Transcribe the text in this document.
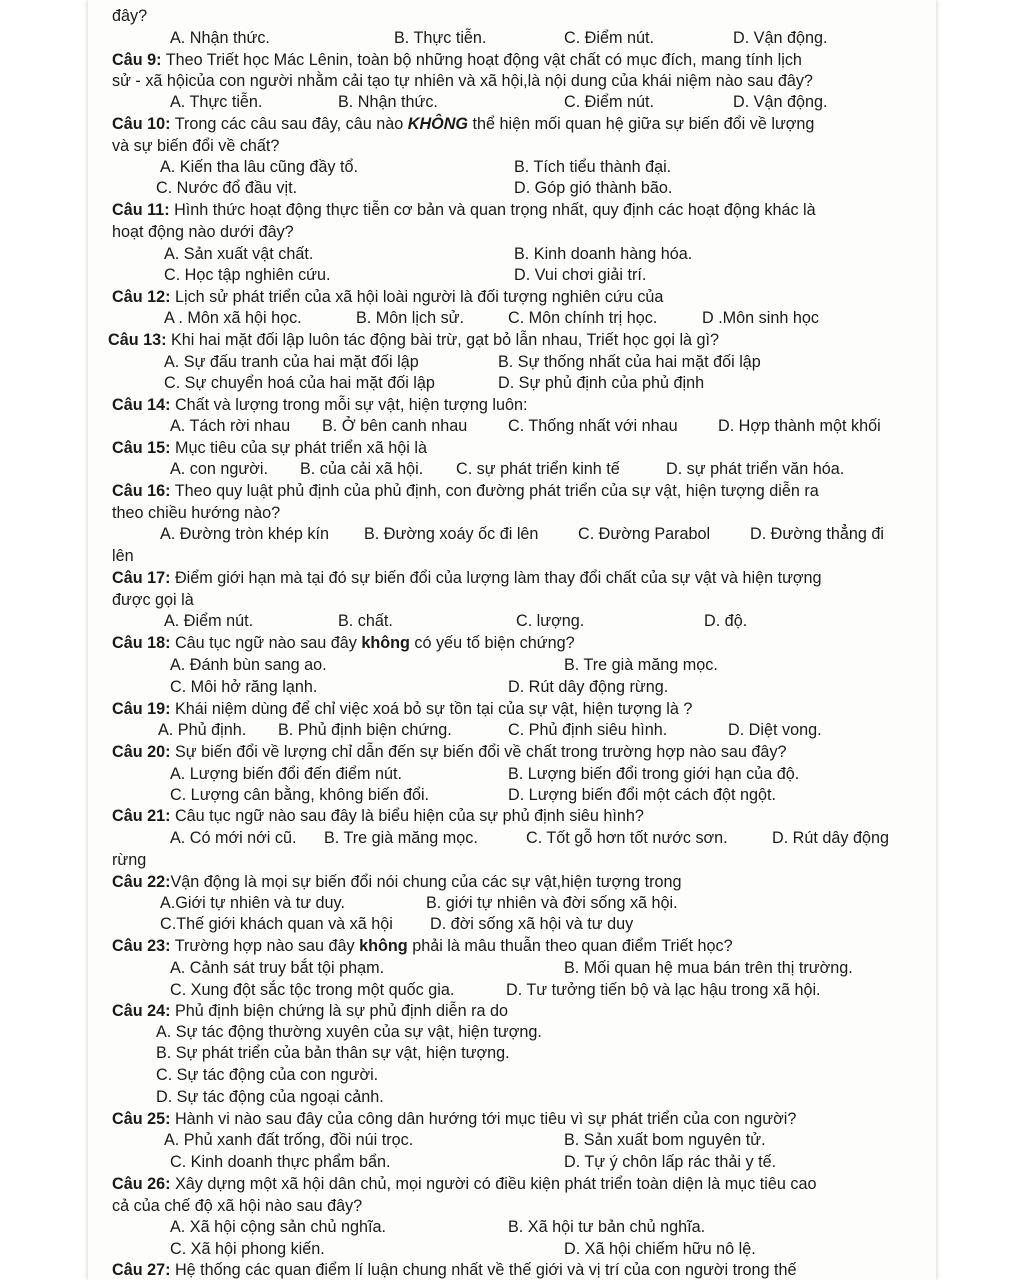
đây?
A. Nhận thức.	B. Thực tiễn.	C. Điểm nút.	D. Vận động.
Câu 9: Theo Triết học Mác Lênin, toàn bộ những hoạt động vật chất có mục đích, mang tính lịch
sử - xã hộicủa con người nhằm cải tạo tự nhiên và xã hội,là nội dung của khái niệm nào sau đây?
A. Thực tiễn.	B. Nhận thức.	C. Điểm nút.	D. Vận động.
Câu 10: Trong các câu sau đây, câu nào KHÔNG thể hiện mối quan hệ giữa sự biến đổi về lượng
và sự biến đổi về chất?
A. Kiến tha lâu cũng đầy tổ.	B. Tích tiểu thành đại.
C. Nước đổ đầu vịt.	D. Góp gió thành bão.
Câu 11: Hình thức hoạt động thực tiễn cơ bản và quan trọng nhất, quy định các hoạt động khác là
hoạt động nào dưới đây?
A. Sản xuất vật chất.	B. Kinh doanh hàng hóa.
C. Học tập nghiên cứu.	D. Vui chơi giải trí.
Câu 12: Lịch sử phát triển của xã hội loài người là đối tượng nghiên cứu của
A . Môn xã hội học.	B. Môn lịch sử.	C. Môn chính trị học.	D .Môn sinh học
Câu 13: Khi hai mặt đối lập luôn tác động bài trừ, gạt bỏ lẫn nhau, Triết học gọi là gì?
A. Sự đấu tranh của hai mặt đối lập	B. Sự thống nhất của hai mặt đối lập
C. Sự chuyển hoá của hai mặt đối lập	D. Sự phủ định của phủ định
Câu 14: Chất và lượng trong mỗi sự vật, hiện tượng luôn:
A. Tách rời nhau B. Ở bên canh nhau	C. Thống nhất với nhau D. Hợp thành một khối
Câu 15: Mục tiêu của sự phát triển xã hội là
A. con người. B. của cải xã hội. C. sự phát triển kinh tế	D. sự phát triển văn hóa.
Câu 16: Theo quy luật phủ định của phủ định, con đường phát triển của sự vật, hiện tượng diễn ra
theo chiều hướng nào?
A. Đường tròn khép kín B. Đường xoáy ốc đi lên C. Đường Parabol D. Đường thẳng đi
lên
Câu 17: Điểm giới hạn mà tại đó sự biến đổi của lượng làm thay đổi chất của sự vật và hiện tượng
được gọi là
A. Điểm nút.	B. chất.	C. lượng.	D. độ.
Câu 18: Câu tục ngữ nào sau đây không có yếu tố biện chứng?
A. Đánh bùn sang ao.	B. Tre già măng mọc.
C. Môi hở răng lạnh.	D. Rút dây động rừng.
Câu 19: Khái niệm dùng để chỉ việc xoá bỏ sự tồn tại của sự vật, hiện tượng là ?
A. Phủ định. B. Phủ định biện chứng.	C. Phủ định siêu hình.	D. Diệt vong.
Câu 20: Sự biến đổi về lượng chỉ dẫn đến sự biến đổi về chất trong trường hợp nào sau đây?
A. Lượng biến đổi đến điểm nút.	B. Lượng biến đổi trong giới hạn của độ.
C. Lượng cân bằng, không biến đổi.	D. Lượng biến đổi một cách đột ngột.
Câu 21: Câu tục ngữ nào sau đây là biểu hiện của sự phủ định siêu hình?
A. Có mới nới cũ. B. Tre già măng mọc.	C. Tốt gỗ hơn tốt nước sơn.	D. Rút dây động
rừng
Câu 22:Vận động là mọi sự biến đổi nói chung của các sự vật,hiện tượng trong
A.Giới tự nhiên và tư duy.	B. giới tự nhiên và đời sống xã hội.
C.Thế giới khách quan và xã hội D. đời sống xã hội và tư duy
Câu 23: Trường hợp nào sau đây không phải là mâu thuẫn theo quan điểm Triết học?
A. Cảnh sát truy bắt tội phạm.	B. Mối quan hệ mua bán trên thị trường.
C. Xung đột sắc tộc trong một quốc gia.	D. Tư tưởng tiến bộ và lạc hậu trong xã hội.
Câu 24: Phủ định biện chứng là sự phủ định diễn ra do
A. Sự tác động thường xuyên của sự vật, hiện tượng.
B. Sự phát triển của bản thân sự vật, hiện tượng.
C. Sự tác động của con người.
D. Sự tác động của ngoại cảnh.
Câu 25: Hành vi nào sau đây của công dân hướng tới mục tiêu vì sự phát triển của con người?
A. Phủ xanh đất trống, đồi núi trọc.	B. Sản xuất bom nguyên tử.
C. Kinh doanh thực phẩm bẩn.	D. Tự ý chôn lấp rác thải y tế.
Câu 26: Xây dựng một xã hội dân chủ, mọi người có điều kiện phát triển toàn diện là mục tiêu cao
cả của chế độ xã hội nào sau đây?
A. Xã hội cộng sản chủ nghĩa.	B. Xã hội tư bản chủ nghĩa.
C. Xã hội phong kiến.	D. Xã hội chiếm hữu nô lệ.
Câu 27: Hệ thống các quan điểm lí luận chung nhất về thế giới và vị trí của con người trong thế
